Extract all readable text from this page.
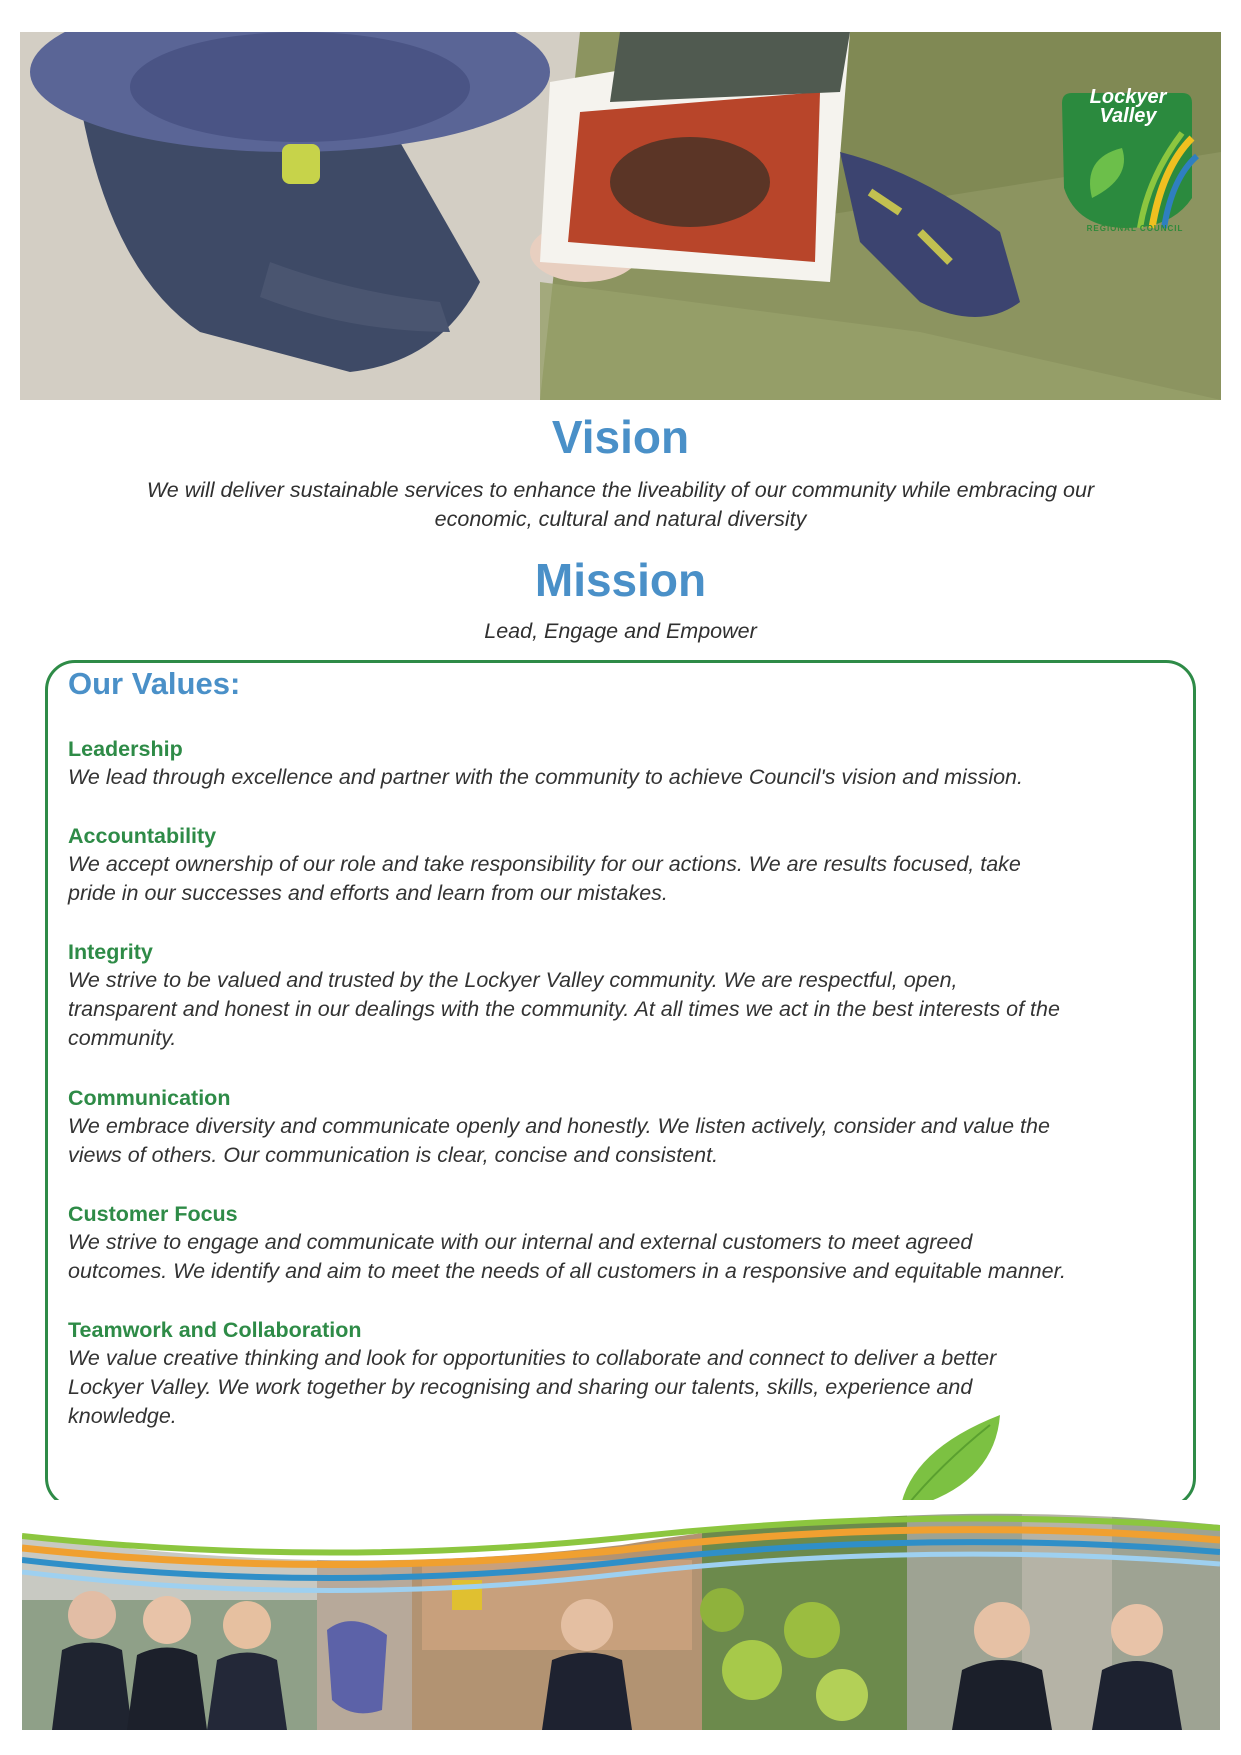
Lockyer
Valley
REGIONAL COUNCIL
Vision
We will deliver sustainable services to enhance the liveability of our community while embracing our
economic, cultural and natural diversity
Mission
Lead, Engage and Empower
Our Values:
Leadership
We lead through excellence and partner with the community to achieve Council's vision and mission.
Accountability
We accept ownership of our role and take responsibility for our actions. We are results focused, take
pride in our successes and efforts and learn from our mistakes.
Integrity
We strive to be valued and trusted by the Lockyer Valley community. We are respectful, open,
transparent and honest in our dealings with the community. At all times we act in the best interests of the
community.
Communication
We embrace diversity and communicate openly and honestly. We listen actively, consider and value the
views of others. Our communication is clear, concise and consistent.
Customer Focus
We strive to engage and communicate with our internal and external customers to meet agreed
outcomes. We identify and aim to meet the needs of all customers in a responsive and equitable manner.
Teamwork and Collaboration
We value creative thinking and look for opportunities to collaborate and connect to deliver a better
Lockyer Valley. We work together by recognising and sharing our talents, skills, experience and
knowledge.
